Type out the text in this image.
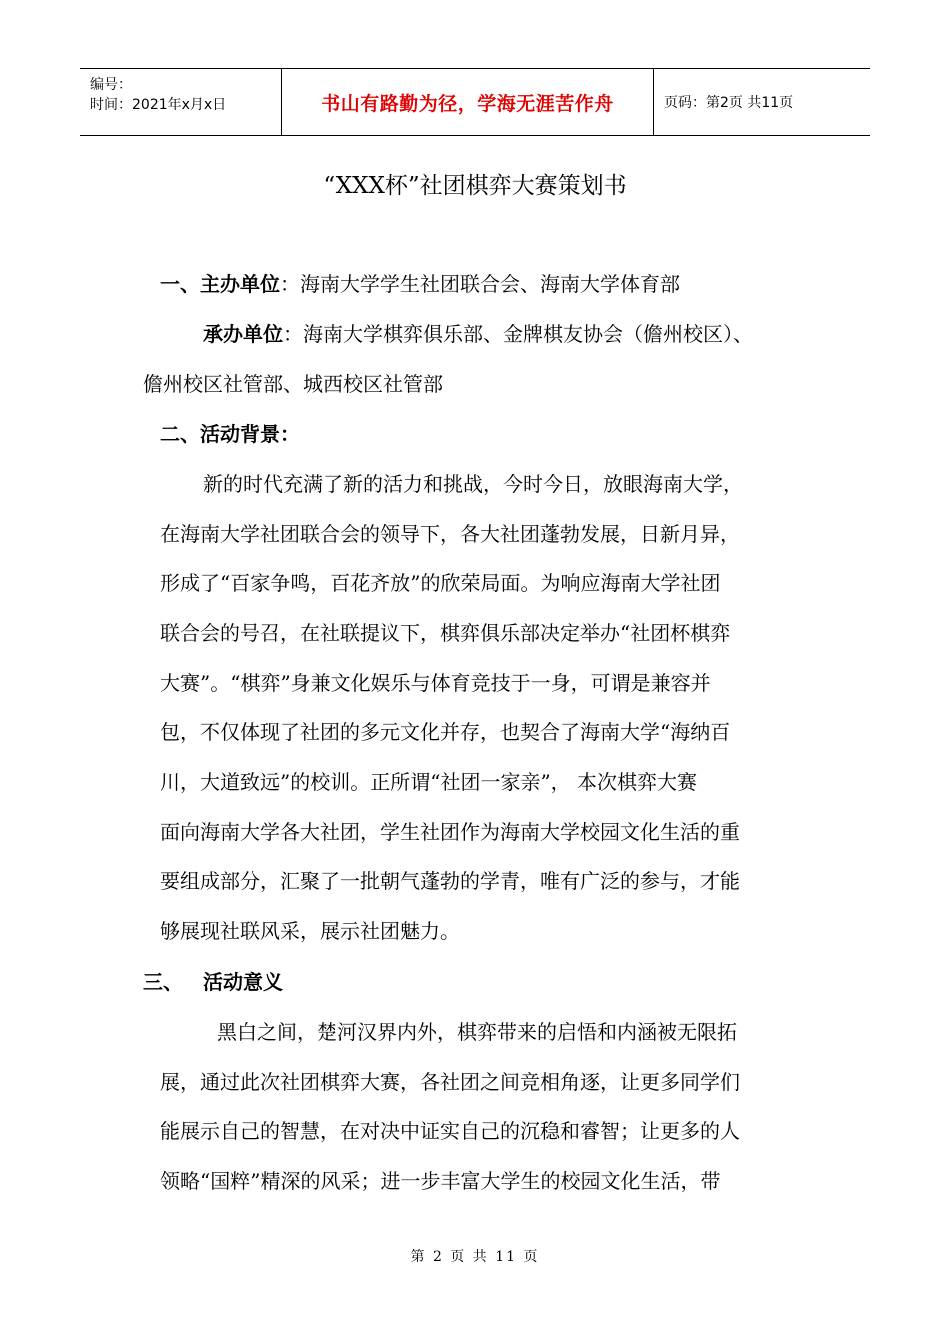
编号：
时间：2021年x月x日	书山有路勤为径，学海无涯苦作舟	页码：第2页 共11页
“XXX杯”社团棋弈大赛策划书
一、主办单位：海南大学学生社团联合会、海南大学体育部
承办单位：海南大学棋弈俱乐部、金牌棋友协会（儋州校区）、
儋州校区社管部、城西校区社管部
二、活动背景：
新的时代充满了新的活力和挑战，今时今日，放眼海南大学，
在海南大学社团联合会的领导下，各大社团蓬勃发展，日新月异，
形成了“百家争鸣，百花齐放”的欣荣局面。为响应海南大学社团
联合会的号召，在社联提议下，棋弈俱乐部决定举办“社团杯棋弈
大赛”。“棋弈”身兼文化娱乐与体育竞技于一身，可谓是兼容并
包，不仅体现了社团的多元文化并存，也契合了海南大学“海纳百
川，大道致远”的校训。正所谓“社团一家亲”， 本次棋弈大赛
面向海南大学各大社团，学生社团作为海南大学校园文化生活的重
要组成部分，汇聚了一批朝气蓬勃的学青，唯有广泛的参与，才能
够展现社联风采，展示社团魅力。
三、 活动意义
黑白之间，楚河汉界内外，棋弈带来的启悟和内涵被无限拓
展，通过此次社团棋弈大赛，各社团之间竞相角逐，让更多同学们
能展示自己的智慧，在对决中证实自己的沉稳和睿智；让更多的人
领略“国粹”精深的风采；进一步丰富大学生的校园文化生活，带
第 2 页 共 11 页
